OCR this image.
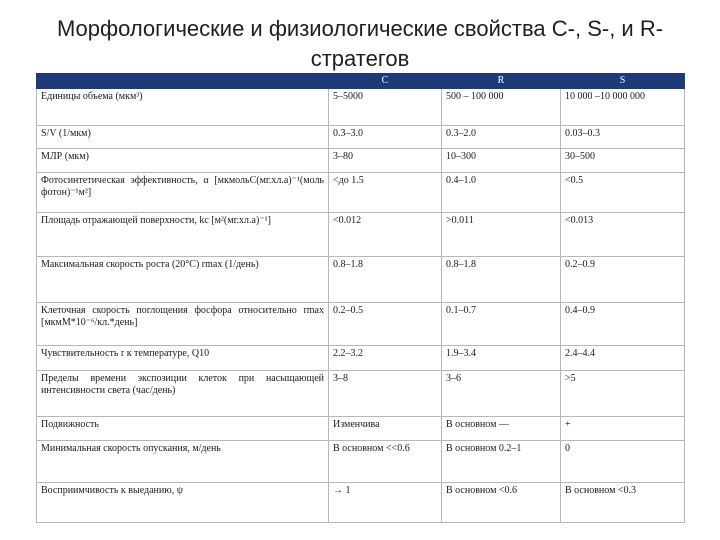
Морфологические и физиологические свойства C-, S-, и R-
стратегов
	C	R	S
Единицы объема (мкм³)	5–5000	500 – 100 000	10 000 –10 000 000
S/V (1/мкм)	0.3–3.0	0.3–2.0	0.03–0.3
МЛР (мкм)	3–80	10–300	30–500
Фотосинтетическая эффективность, α [мкмольС(мг.хл.а)⁻¹(моль фотон)⁻¹м²]	<до 1.5	0.4–1.0	<0.5
Площадь отражающей поверхности, kc [м²(мг.хл.а)⁻¹]	<0.012	>0.011	<0.013
Максимальная скорость роста (20°C) rmax (1/день)	0.8–1.8	0.8–1.8	0.2–0.9
Клеточная скорость поглощения фосфора относительно rmax [мкмМ*10⁻⁶/кл.*день]	0.2–0.5	0.1–0.7	0.4–0.9
Чувствительность r к температуре, Q10	2.2–3.2	1.9–3.4	2.4–4.4
Пределы времени экспозиции клеток при насыщающей интенсивности света (час/день)	3–8	3–6	>5
Подвижность	Изменчива	В основном —	+
Минимальная скорость опускания, м/день	В основном <<0.6	В основном 0.2–1	0
Восприимчивость к выеданию, ψ	→ 1	В основном <0.6	В основном <0.3
